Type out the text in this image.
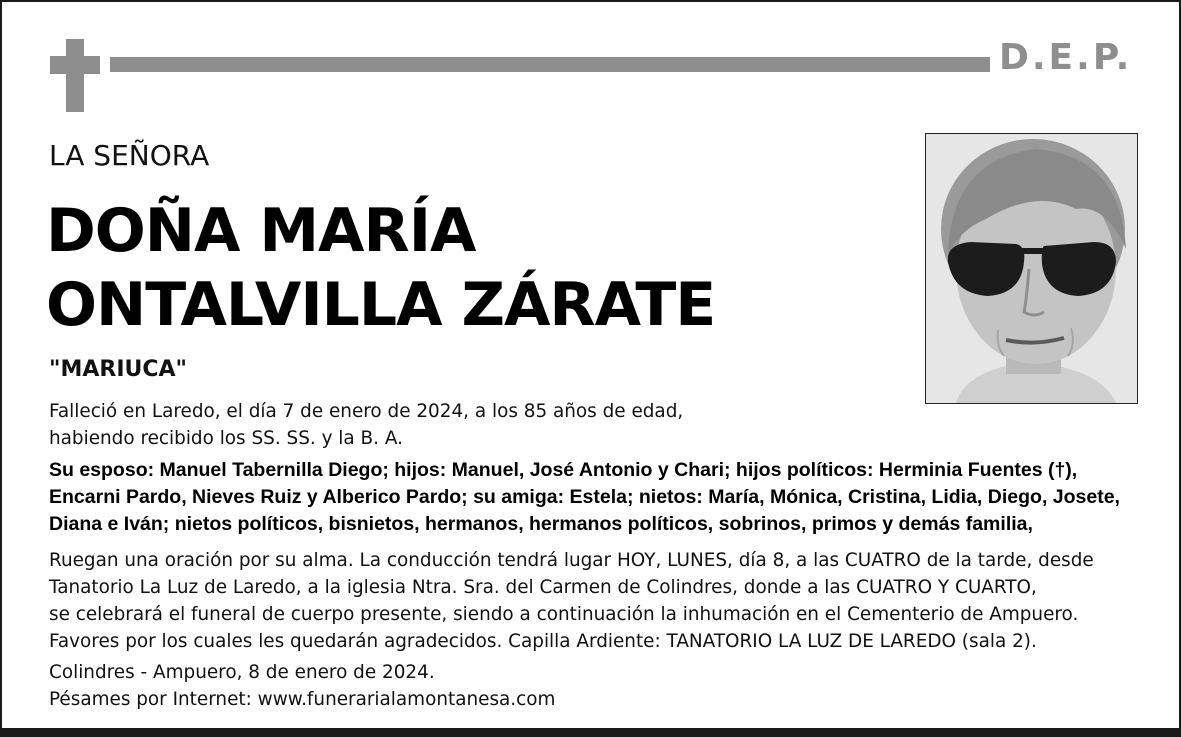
D.E.P.
LA SEÑORA
DOÑA MARÍA
ONTALVILLA ZÁRATE
"MARIUCA"
Falleció en Laredo, el día 7 de enero de 2024, a los 85 años de edad,
habiendo recibido los SS. SS. y la B. A.
Su esposo: Manuel Tabernilla Diego; hijos: Manuel, José Antonio y Chari; hijos políticos: Herminia Fuentes (†),
Encarni Pardo, Nieves Ruiz y Alberico Pardo; su amiga: Estela; nietos: María, Mónica, Cristina, Lidia, Diego, Josete,
Diana e Iván; nietos políticos, bisnietos, hermanos, hermanos políticos, sobrinos, primos y demás familia,
Ruegan una oración por su alma. La conducción tendrá lugar HOY, LUNES, día 8, a las CUATRO de la tarde, desde
Tanatorio La Luz de Laredo, a la iglesia Ntra. Sra. del Carmen de Colindres, donde a las CUATRO Y CUARTO,
se celebrará el funeral de cuerpo presente, siendo a continuación la inhumación en el Cementerio de Ampuero.
Favores por los cuales les quedarán agradecidos. Capilla Ardiente: TANATORIO LA LUZ DE LAREDO (sala 2).
Colindres - Ampuero, 8 de enero de 2024.
Pésames por Internet: www.funerarialamontanesa.com
